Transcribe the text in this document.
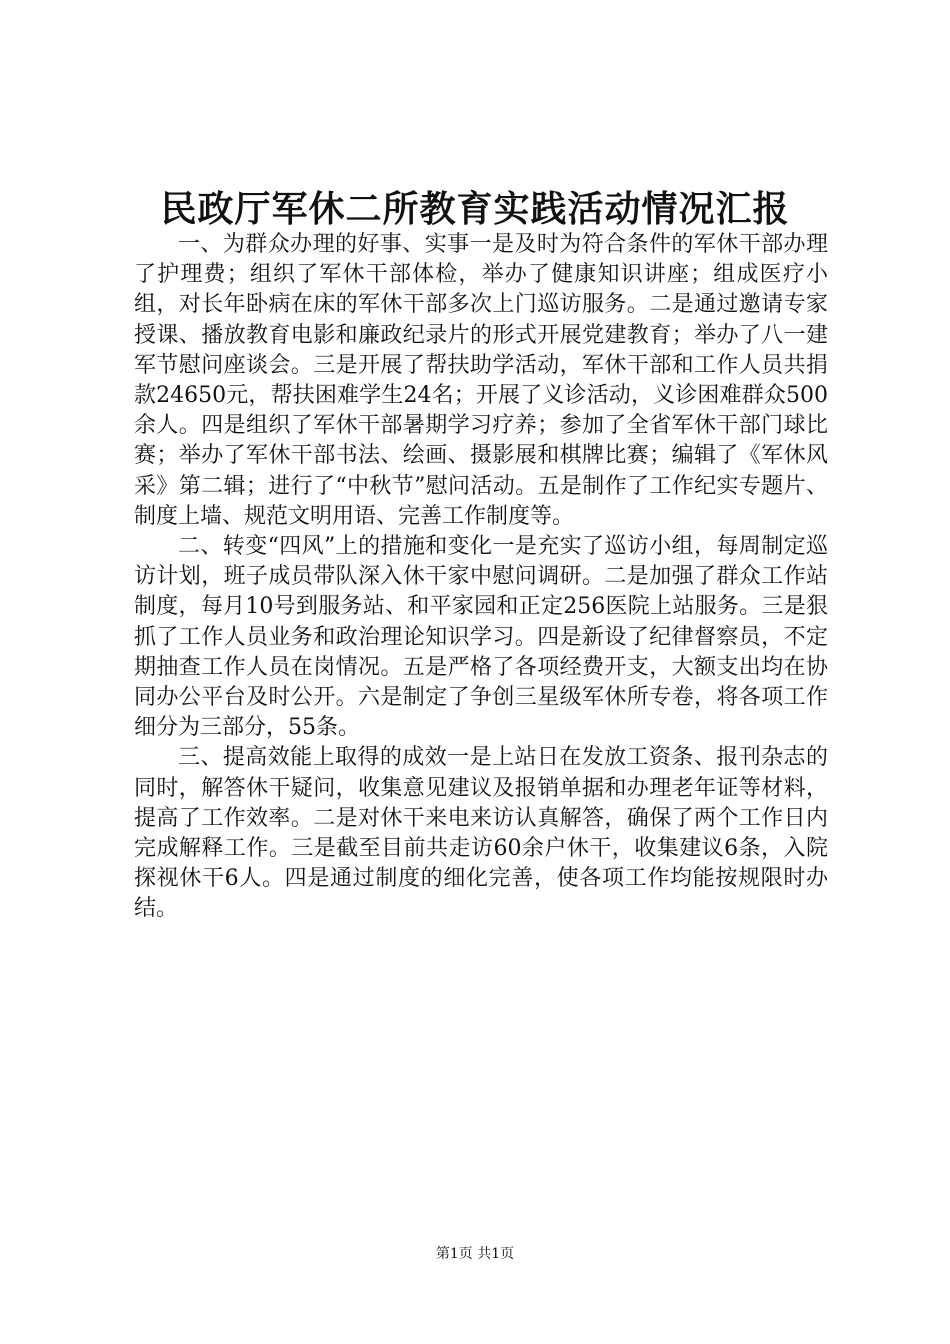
民政厅军休二所教育实践活动情况汇报

一、为群众办理的好事、实事一是及时为符合条件的军休干部办理了护理费；组织了军休干部体检，举办了健康知识讲座；组成医疗小组，对长年卧病在床的军休干部多次上门巡访服务。二是通过邀请专家授课、播放教育电影和廉政纪录片的形式开展党建教育；举办了八一建军节慰问座谈会。三是开展了帮扶助学活动，军休干部和工作人员共捐款24650元，帮扶困难学生24名；开展了义诊活动，义诊困难群众500余人。四是组织了军休干部暑期学习疗养；参加了全省军休干部门球比赛；举办了军休干部书法、绘画、摄影展和棋牌比赛；编辑了《军休风采》第二辑；进行了“中秋节”慰问活动。五是制作了工作纪实专题片、制度上墙、规范文明用语、完善工作制度等。

二、转变“四风”上的措施和变化一是充实了巡访小组，每周制定巡访计划，班子成员带队深入休干家中慰问调研。二是加强了群众工作站制度，每月10号到服务站、和平家园和正定256医院上站服务。三是狠抓了工作人员业务和政治理论知识学习。四是新设了纪律督察员，不定期抽查工作人员在岗情况。五是严格了各项经费开支，大额支出均在协同办公平台及时公开。六是制定了争创三星级军休所专卷，将各项工作细分为三部分，55条。

三、提高效能上取得的成效一是上站日在发放工资条、报刊杂志的同时，解答休干疑问，收集意见建议及报销单据和办理老年证等材料，提高了工作效率。二是对休干来电来访认真解答，确保了两个工作日内完成解释工作。三是截至目前共走访60余户休干，收集建议6条，入院探视休干6人。四是通过制度的细化完善，使各项工作均能按规限时办结。

第1页 共1页
